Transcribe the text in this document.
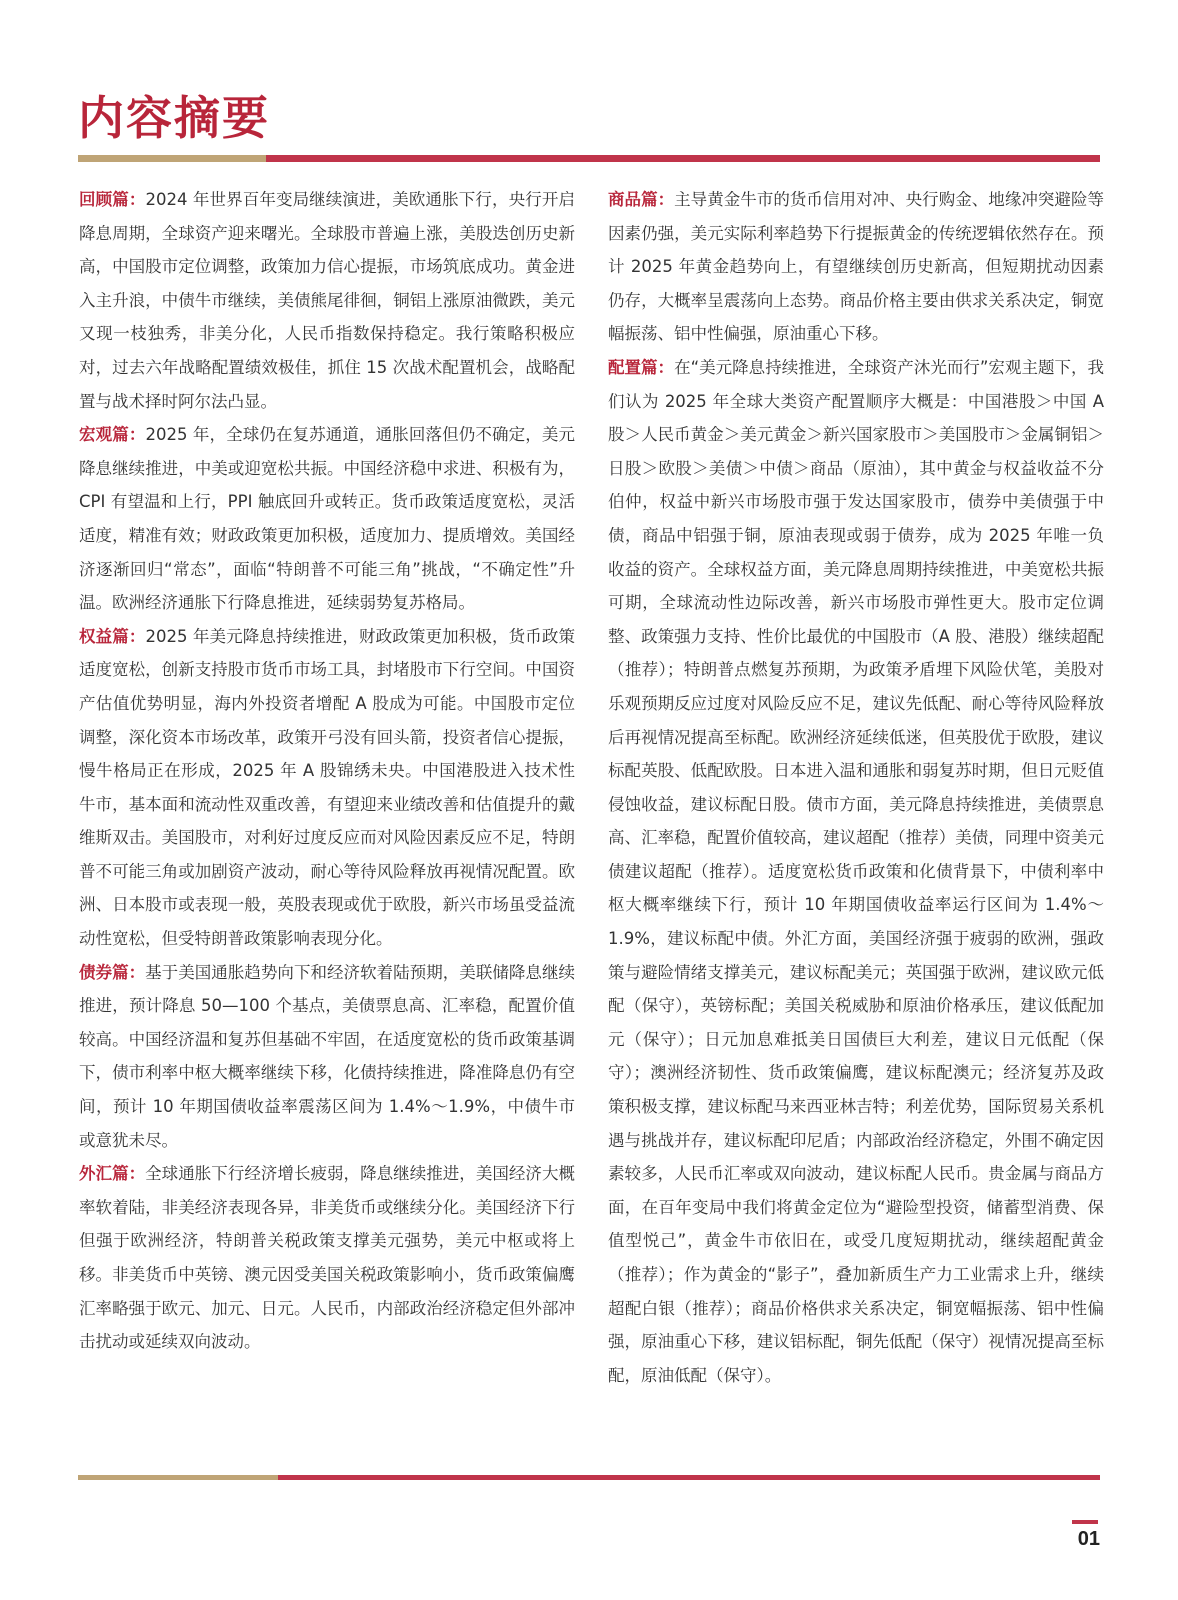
内容摘要

回顾篇：2024 年世界百年变局继续演进，美欧通胀下行，央行开启降息周期，全球资产迎来曙光。全球股市普遍上涨，美股迭创历史新高，中国股市定位调整，政策加力信心提振，市场筑底成功。黄金进入主升浪，中债牛市继续，美债熊尾徘徊，铜铝上涨原油微跌，美元又现一枝独秀，非美分化，人民币指数保持稳定。我行策略积极应对，过去六年战略配置绩效极佳，抓住 15 次战术配置机会，战略配置与战术择时阿尔法凸显。

宏观篇：2025 年，全球仍在复苏通道，通胀回落但仍不确定，美元降息继续推进，中美或迎宽松共振。中国经济稳中求进、积极有为，CPI 有望温和上行，PPI 触底回升或转正。货币政策适度宽松，灵活适度，精准有效；财政政策更加积极，适度加力、提质增效。美国经济逐渐回归“常态”，面临“特朗普不可能三角”挑战，“不确定性”升温。欧洲经济通胀下行降息推进，延续弱势复苏格局。

权益篇：2025 年美元降息持续推进，财政政策更加积极，货币政策适度宽松，创新支持股市货币市场工具，封堵股市下行空间。中国资产估值优势明显，海内外投资者增配 A 股成为可能。中国股市定位调整，深化资本市场改革，政策开弓没有回头箭，投资者信心提振，慢牛格局正在形成，2025 年 A 股锦绣未央。中国港股进入技术性牛市，基本面和流动性双重改善，有望迎来业绩改善和估值提升的戴维斯双击。美国股市，对利好过度反应而对风险因素反应不足，特朗普不可能三角或加剧资产波动，耐心等待风险释放再视情况配置。欧洲、日本股市或表现一般，英股表现或优于欧股，新兴市场虽受益流动性宽松，但受特朗普政策影响表现分化。

债券篇：基于美国通胀趋势向下和经济软着陆预期，美联储降息继续推进，预计降息 50—100 个基点，美债票息高、汇率稳，配置价值较高。中国经济温和复苏但基础不牢固，在适度宽松的货币政策基调下，债市利率中枢大概率继续下移，化债持续推进，降准降息仍有空间，预计 10 年期国债收益率震荡区间为 1.4%～1.9%，中债牛市或意犹未尽。

外汇篇：全球通胀下行经济增长疲弱，降息继续推进，美国经济大概率软着陆，非美经济表现各异，非美货币或继续分化。美国经济下行但强于欧洲经济，特朗普关税政策支撑美元强势，美元中枢或将上移。非美货币中英镑、澳元因受美国关税政策影响小，货币政策偏鹰汇率略强于欧元、加元、日元。人民币，内部政治经济稳定但外部冲击扰动或延续双向波动。

商品篇：主导黄金牛市的货币信用对冲、央行购金、地缘冲突避险等因素仍强，美元实际利率趋势下行提振黄金的传统逻辑依然存在。预计 2025 年黄金趋势向上，有望继续创历史新高，但短期扰动因素仍存，大概率呈震荡向上态势。商品价格主要由供求关系决定，铜宽幅振荡、铝中性偏强，原油重心下移。

配置篇：在“美元降息持续推进，全球资产沐光而行”宏观主题下，我们认为 2025 年全球大类资产配置顺序大概是：中国港股＞中国 A 股＞人民币黄金＞美元黄金＞新兴国家股市＞美国股市＞金属铜铝＞日股＞欧股＞美债＞中债＞商品（原油），其中黄金与权益收益不分伯仲，权益中新兴市场股市强于发达国家股市，债券中美债强于中债，商品中铝强于铜，原油表现或弱于债券，成为 2025 年唯一负收益的资产。全球权益方面，美元降息周期持续推进，中美宽松共振可期，全球流动性边际改善，新兴市场股市弹性更大。股市定位调整、政策强力支持、性价比最优的中国股市（A 股、港股）继续超配（推荐）；特朗普点燃复苏预期，为政策矛盾埋下风险伏笔，美股对乐观预期反应过度对风险反应不足，建议先低配、耐心等待风险释放后再视情况提高至标配。欧洲经济延续低迷，但英股优于欧股，建议标配英股、低配欧股。日本进入温和通胀和弱复苏时期，但日元贬值侵蚀收益，建议标配日股。债市方面，美元降息持续推进，美债票息高、汇率稳，配置价值较高，建议超配（推荐）美债，同理中资美元债建议超配（推荐）。适度宽松货币政策和化债背景下，中债利率中枢大概率继续下行，预计 10 年期国债收益率运行区间为 1.4%～1.9%，建议标配中债。外汇方面，美国经济强于疲弱的欧洲，强政策与避险情绪支撑美元，建议标配美元；英国强于欧洲，建议欧元低配（保守），英镑标配；美国关税威胁和原油价格承压，建议低配加元（保守）；日元加息难抵美日国债巨大利差，建议日元低配（保守）；澳洲经济韧性、货币政策偏鹰，建议标配澳元；经济复苏及政策积极支撑，建议标配马来西亚林吉特；利差优势，国际贸易关系机遇与挑战并存，建议标配印尼盾；内部政治经济稳定，外围不确定因素较多，人民币汇率或双向波动，建议标配人民币。贵金属与商品方面，在百年变局中我们将黄金定位为“避险型投资，储蓄型消费、保值型悦己”，黄金牛市依旧在，或受几度短期扰动，继续超配黄金（推荐）；作为黄金的“影子”，叠加新质生产力工业需求上升，继续超配白银（推荐）；商品价格供求关系决定，铜宽幅振荡、铝中性偏强，原油重心下移，建议铝标配，铜先低配（保守）视情况提高至标配，原油低配（保守）。

01
